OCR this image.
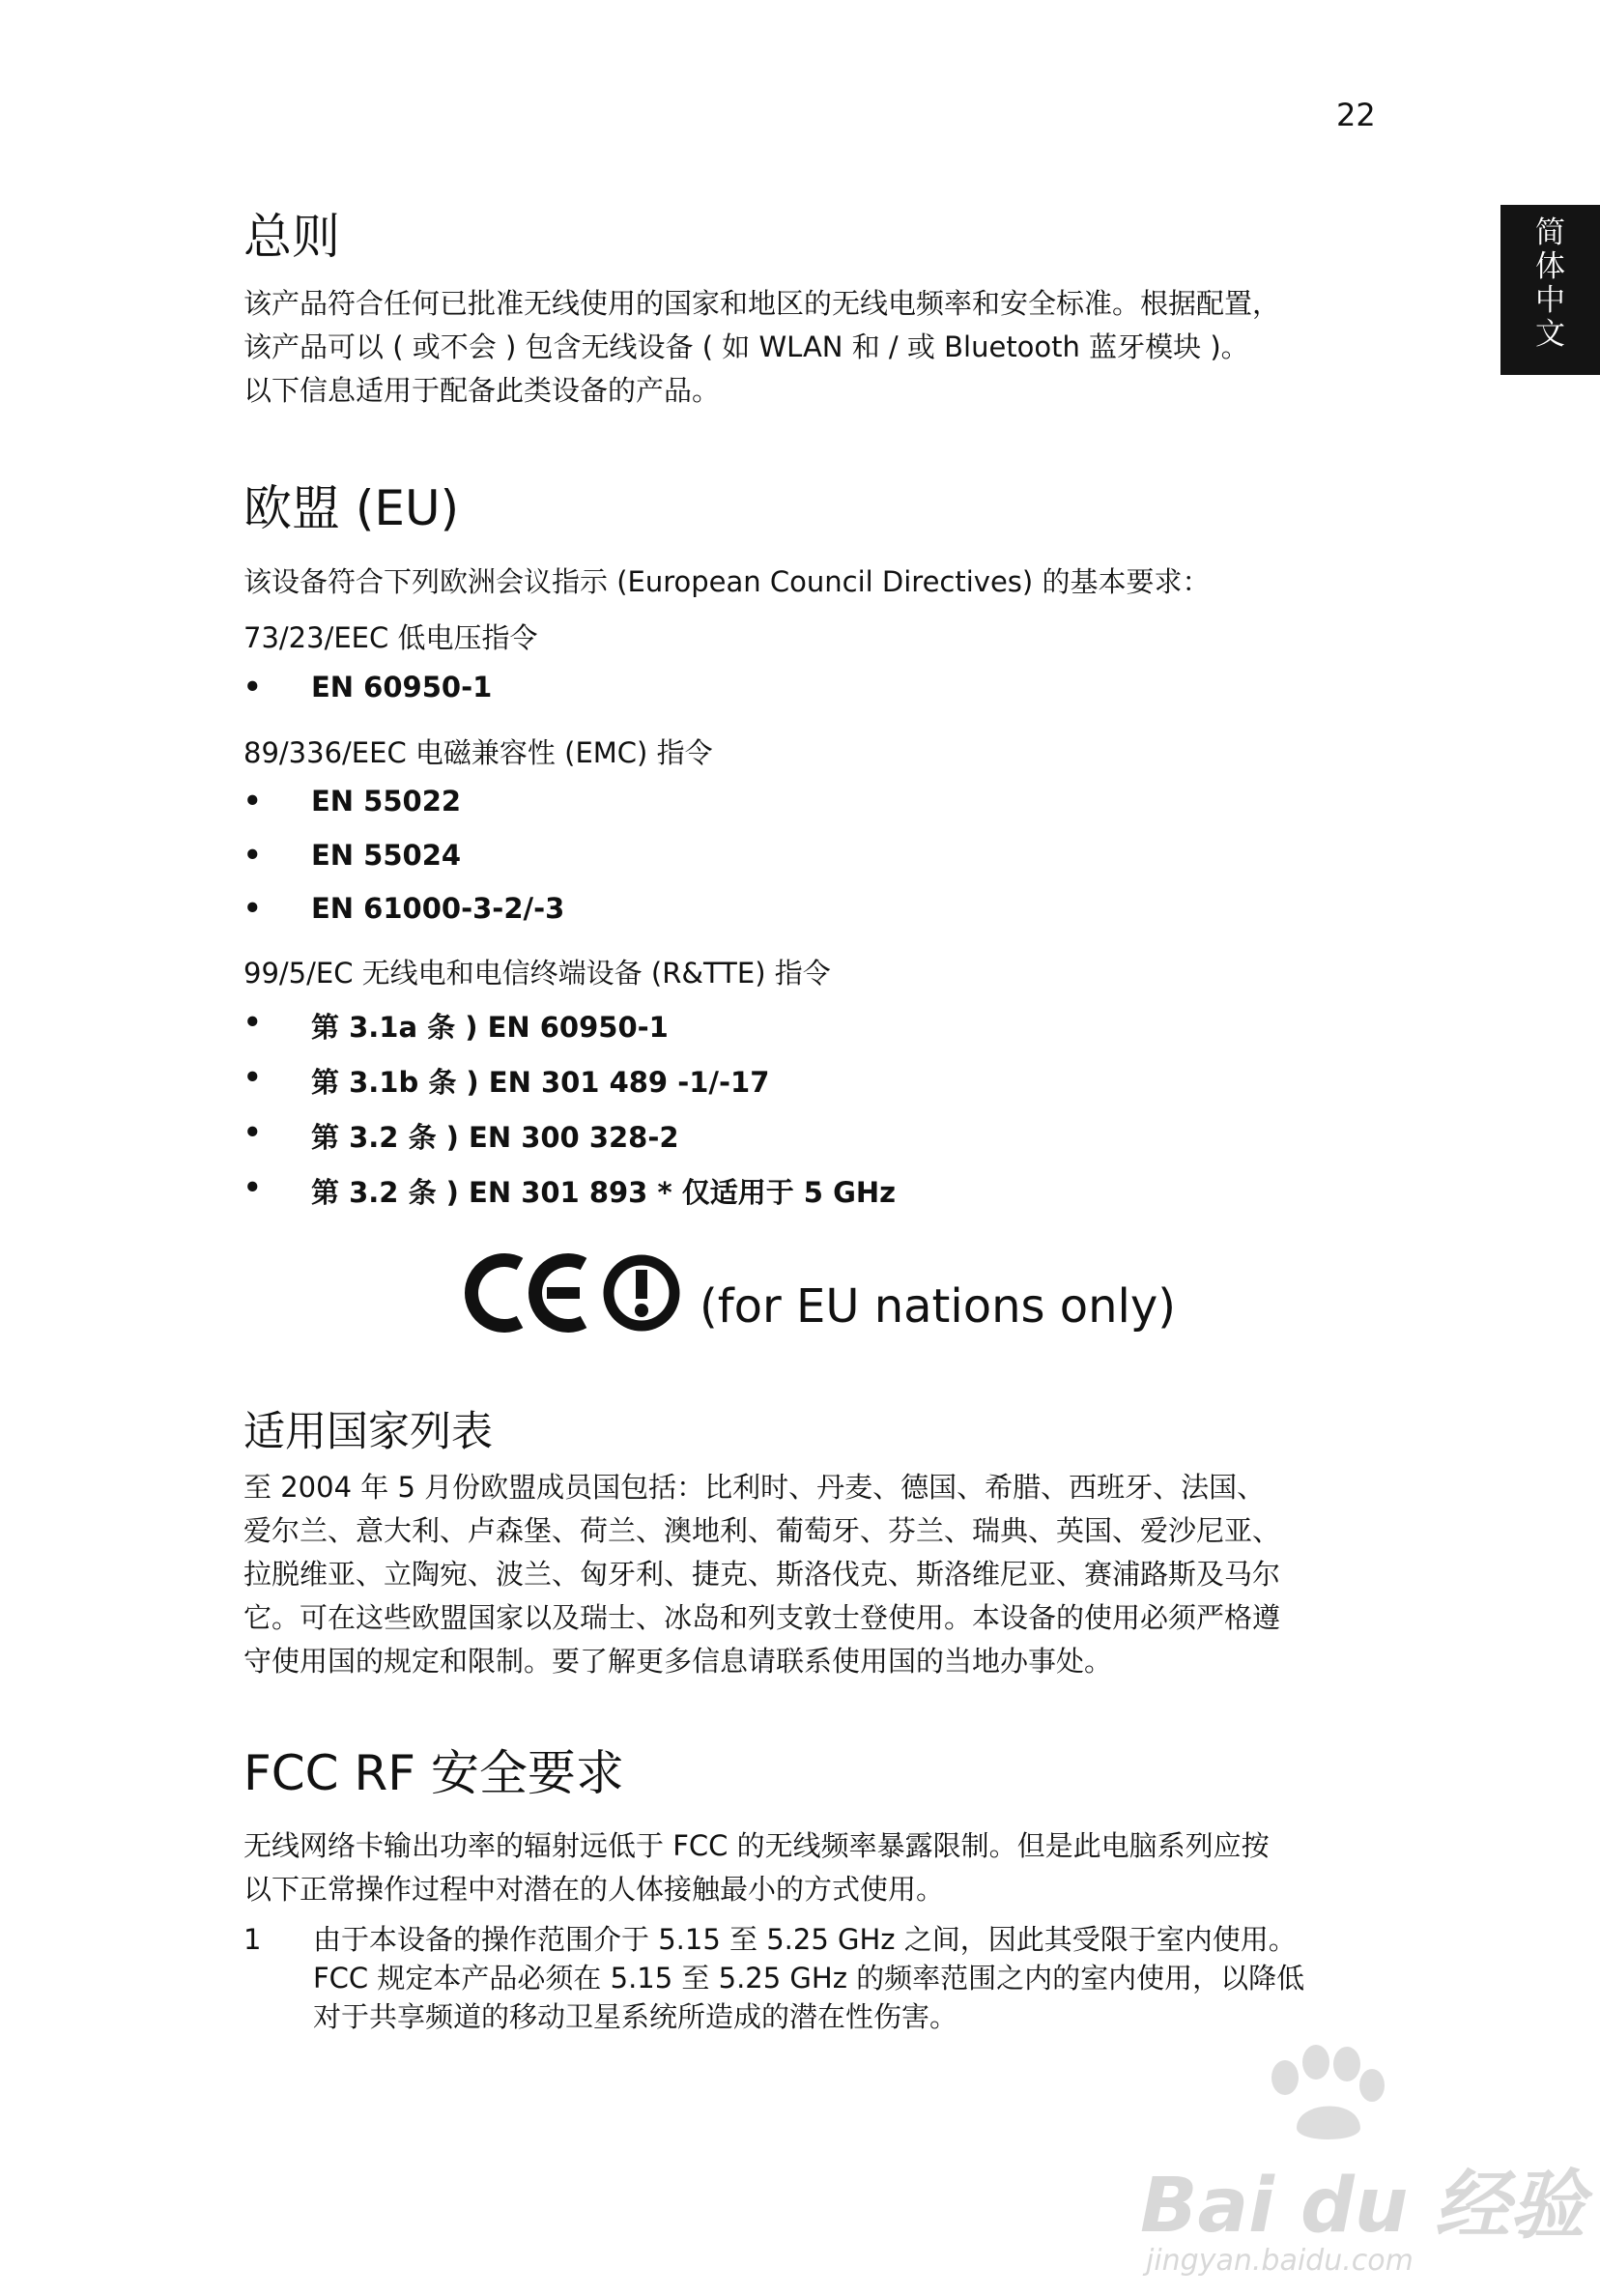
22
简
体
中
文
总则
该产品符合任何已批准无线使用的国家和地区的无线电频率和安全标准。根据配置，
该产品可以 ( 或不会 ) 包含无线设备 ( 如 WLAN 和 / 或 Bluetooth 蓝牙模块 )。
以下信息适用于配备此类设备的产品。
欧盟 (EU)
该设备符合下列欧洲会议指示 (European Council Directives) 的基本要求：
73/23/EEC 低电压指令
• EN 60950-1
89/336/EEC 电磁兼容性 (EMC) 指令
• EN 55022
• EN 55024
• EN 61000-3-2/-3
99/5/EC 无线电和电信终端设备 (R&TTE) 指令
• 第 3.1a 条 ) EN 60950-1
• 第 3.1b 条 ) EN 301 489 -1/-17
• 第 3.2 条 ) EN 300 328-2
• 第 3.2 条 ) EN 301 893 * 仅适用于 5 GHz
(for EU nations only)
适用国家列表
至 2004 年 5 月份欧盟成员国包括：比利时、丹麦、德国、希腊、西班牙、法国、
爱尔兰、意大利、卢森堡、荷兰、澳地利、葡萄牙、芬兰、瑞典、英国、爱沙尼亚、
拉脱维亚、立陶宛、波兰、匈牙利、捷克、斯洛伐克、斯洛维尼亚、赛浦路斯及马尔
它。可在这些欧盟国家以及瑞士、冰岛和列支敦士登使用。本设备的使用必须严格遵
守使用国的规定和限制。要了解更多信息请联系使用国的当地办事处。
FCC RF 安全要求
无线网络卡输出功率的辐射远低于 FCC 的无线频率暴露限制。但是此电脑系列应按
以下正常操作过程中对潜在的人体接触最小的方式使用。
1 由于本设备的操作范围介于 5.15 至 5.25 GHz 之间，因此其受限于室内使用。
FCC 规定本产品必须在 5.15 至 5.25 GHz 的频率范围之内的室内使用，以降低
对于共享频道的移动卫星系统所造成的潜在性伤害。
Bai du 经验
jingyan.baidu.com
